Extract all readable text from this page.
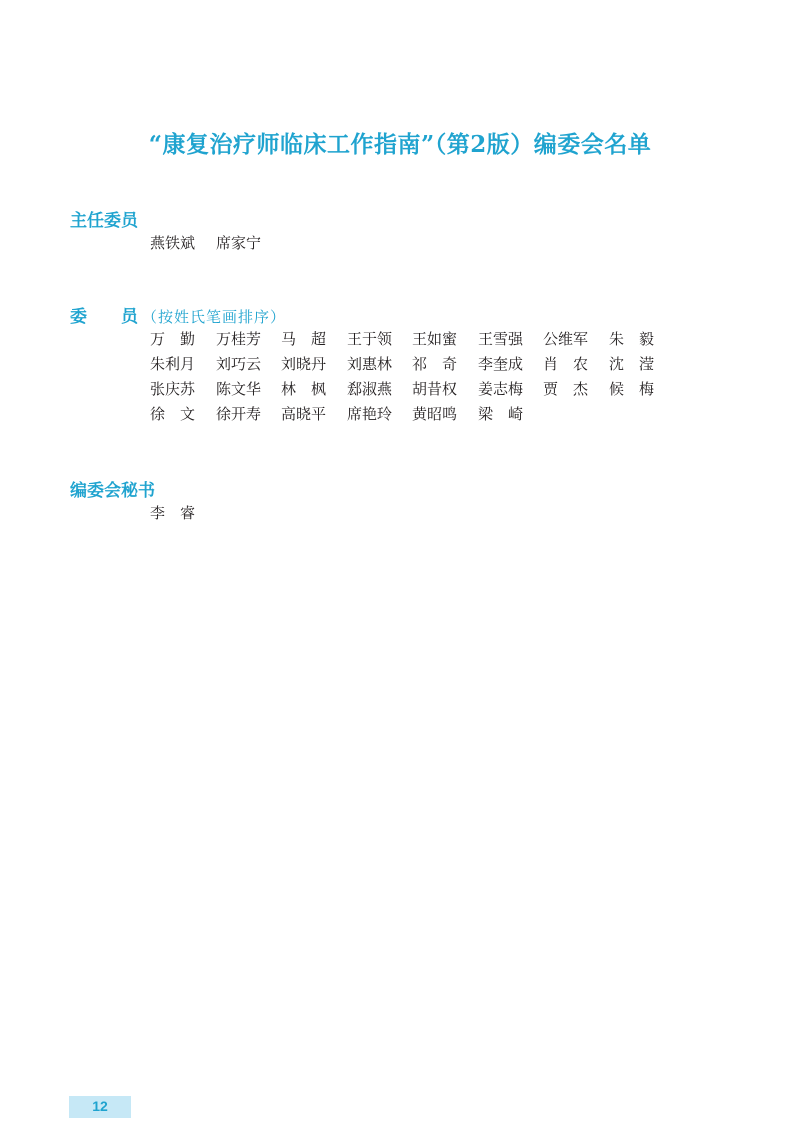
“康复治疗师临床工作指南”（第2版）编委会名单
主任委员
燕铁斌	席家宁
委 员 （按姓氏笔画排序）
万　勤	万桂芳	马　超	王于领	王如蜜	王雪强	公维军	朱　毅
朱利月	刘巧云	刘晓丹	刘惠林	祁　奇	李奎成	肖　农	沈　滢
张庆苏	陈文华	林　枫	郄淑燕	胡昔权	姜志梅	贾　杰	候　梅
徐　文	徐开寿	高晓平	席艳玲	黄昭鸣	梁　崎
编委会秘书
李　睿
12
